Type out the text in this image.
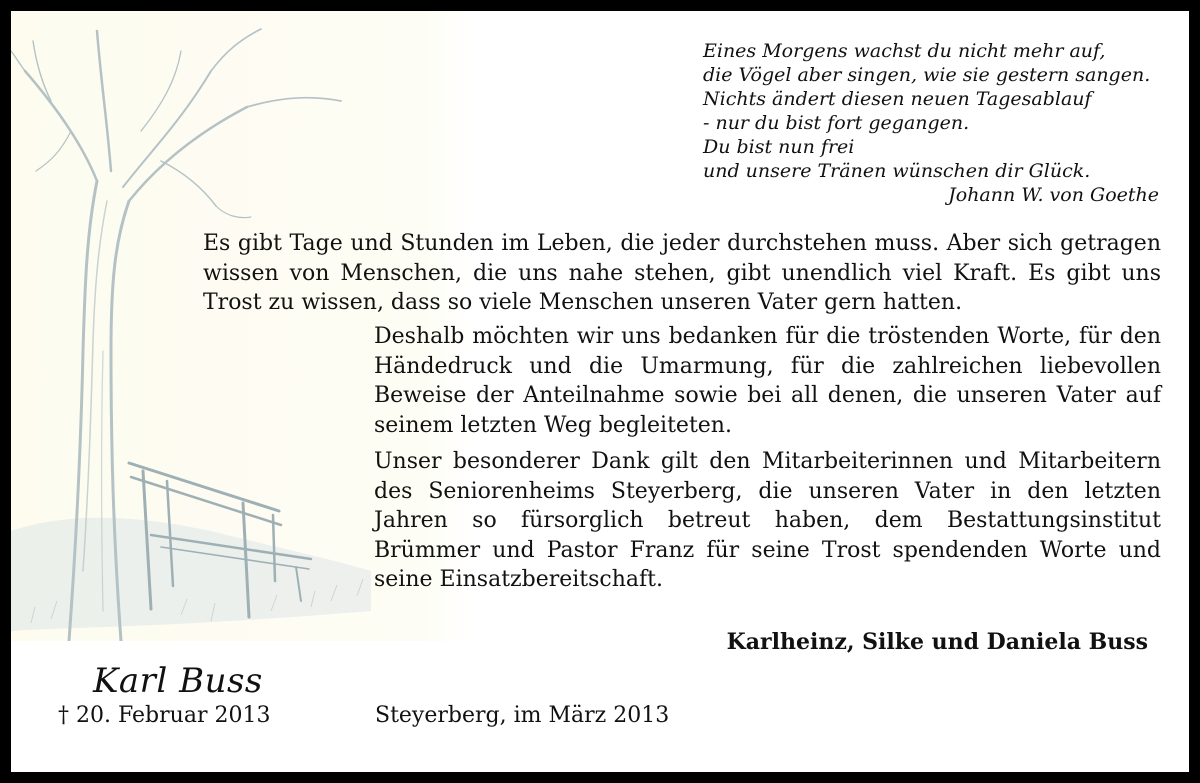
Eines Morgens wachst du nicht mehr auf,
die Vögel aber singen, wie sie gestern sangen.
Nichts ändert diesen neuen Tagesablauf
- nur du bist fort gegangen.
Du bist nun frei
und unsere Tränen wünschen dir Glück.
Johann W. von Goethe

Es gibt Tage und Stunden im Leben, die jeder durchstehen muss. Aber sich getragen wissen von Menschen, die uns nahe stehen, gibt unendlich viel Kraft. Es gibt uns Trost zu wissen, dass so viele Menschen unseren Vater gern hatten.

Deshalb möchten wir uns bedanken für die tröstenden Worte, für den Händedruck und die Umarmung, für die zahlreichen liebevollen Beweise der Anteilnahme sowie bei all denen, die unseren Vater auf seinem letzten Weg begleiteten.

Unser besonderer Dank gilt den Mitarbeiterinnen und Mitarbeitern des Seniorenheims Steyerberg, die unseren Vater in den letzten Jahren so fürsorglich betreut haben, dem Bestattungsinstitut Brümmer und Pastor Franz für seine Trost spendenden Worte und seine Einsatzbereitschaft.

Karlheinz, Silke und Daniela Buss
Karl Buss
† 20. Februar 2013	Steyerberg, im März 2013
